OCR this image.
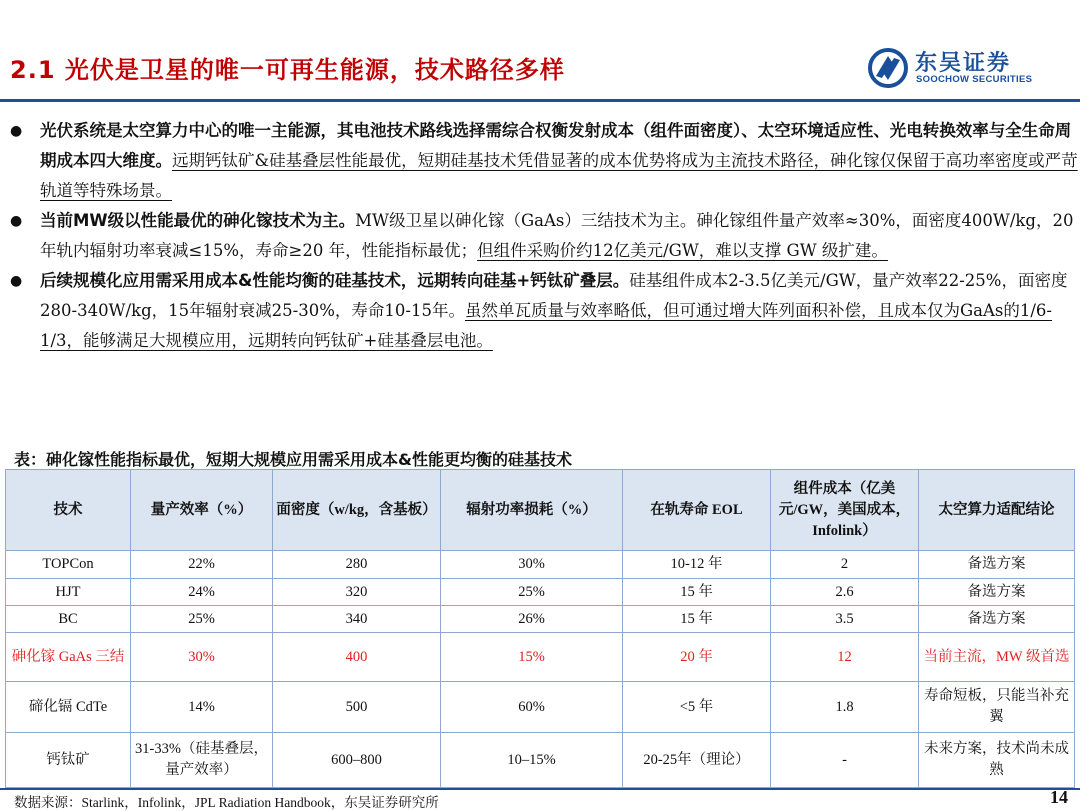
2.1 光伏是卫星的唯一可再生能源，技术路径多样	东吴证券
SOOCHOW SECURITIES
● 光伏系统是太空算力中心的唯一主能源，其电池技术路线选择需综合权衡发射成本（组件面密度）、太空环境适应性、光电转换效率与全生命周期成本四大维度。远期钙钛矿&硅基叠层性能最优，短期硅基技术凭借显著的成本优势将成为主流技术路径，砷化镓仅保留于高功率密度或严苛轨道等特殊场景。
● 当前MW级以性能最优的砷化镓技术为主。MW级卫星以砷化镓（GaAs）三结技术为主。砷化镓组件量产效率≈30%，面密度400W/kg，20年轨内辐射功率衰减≤15%，寿命≥20 年，性能指标最优；但组件采购价约12亿美元/GW，难以支撑 GW 级扩建。
● 后续规模化应用需采用成本&性能均衡的硅基技术，远期转向硅基+钙钛矿叠层。硅基组件成本2-3.5亿美元/GW，量产效率22-25%，面密度 280-340W/kg，15年辐射衰减25-30%，寿命10-15年。虽然单瓦质量与效率略低，但可通过增大阵列面积补偿，且成本仅为GaAs的1/6-1/3，能够满足大规模应用，远期转向钙钛矿+硅基叠层电池。
表：砷化镓性能指标最优，短期大规模应用需采用成本&性能更均衡的硅基技术
技术	量产效率（%）	面密度（w/kg，含基板）	辐射功率损耗（%）	在轨寿命 EOL	组件成本（亿美元/GW，美国成本，Infolink）	太空算力适配结论
TOPCon	22%	280	30%	10-12 年	2	备选方案
HJT	24%	320	25%	15 年	2.6	备选方案
BC	25%	340	26%	15 年	3.5	备选方案
砷化镓 GaAs 三结	30%	400	15%	20 年	12	当前主流，MW 级首选
碲化镉 CdTe	14%	500	60%	<5 年	1.8	寿命短板，只能当补充翼
钙钛矿	31-33%（硅基叠层，量产效率）	600–800	10–15%	20-25年（理论）	-	未来方案，技术尚未成熟
数据来源：Starlink，Infolink，JPL Radiation Handbook，东吴证券研究所	14
